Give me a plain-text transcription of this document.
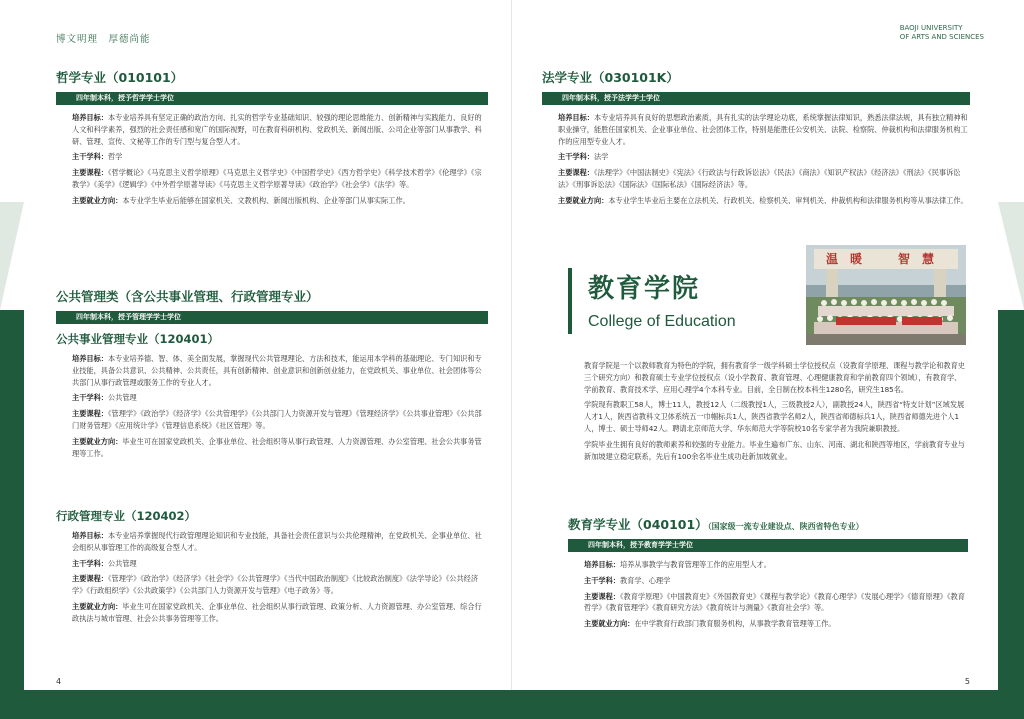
博文明理　厚德尚能
哲学专业（010101）
四年制本科，授予哲学学士学位
培养目标：本专业培养具有坚定正确的政治方向、扎实的哲学专业基础知识、较强的理论思维能力、创新精神与实践能力、良好的人文和科学素养，强烈的社会责任感和宽广的国际视野，可在教育科研机构、党政机关、新闻出版、公司企业等部门从事教学、科研、管理、宣传、文秘等工作的专门型与复合型人才。
主干学科：哲学
主要课程：《哲学概论》《马克思主义哲学原理》《马克思主义哲学史》《中国哲学史》《西方哲学史》《科学技术哲学》《伦理学》《宗教学》《美学》《逻辑学》《中外哲学原著导读》《马克思主义哲学原著导读》《政治学》《社会学》《法学》等。
主要就业方向：本专业学生毕业后能够在国家机关、文教机构、新闻出版机构、企业等部门从事实际工作。
公共管理类（含公共事业管理、行政管理专业）
四年制本科，授予管理学学士学位
公共事业管理专业（120401）
培养目标：本专业培养德、智、体、美全面发展，掌握现代公共管理理论、方法和技术，能运用本学科的基础理论、专门知识和专业技能，具备公共意识、公共精神、公共责任，具有创新精神、创业意识和创新创业能力，在党政机关、事业单位、社会团体等公共部门从事行政管理或服务工作的专业人才。
主干学科：公共管理
主要课程：《管理学》《政治学》《经济学》《公共管理学》《公共部门人力资源开发与管理》《管理经济学》《公共事业管理》《公共部门财务管理》《应用统计学》《管理信息系统》《社区管理》等。
主要就业方向：毕业生可在国家党政机关、企事业单位、社会组织等从事行政管理、人力资源管理、办公室管理、社会公共事务管理等工作。
行政管理专业（120402）
培养目标：本专业培养掌握现代行政管理理论知识和专业技能，具备社会责任意识与公共伦理精神，在党政机关、企事业单位、社会组织从事管理工作的高级复合型人才。
主干学科：公共管理
主要课程：《管理学》《政治学》《经济学》《社会学》《公共管理学》《当代中国政治制度》《比较政治制度》《法学导论》《公共经济学》《行政组织学》《公共政策学》《公共部门人力资源开发与管理》《电子政务》等。
主要就业方向：毕业生可在国家党政机关、企事业单位、社会组织从事行政管理、政策分析、人力资源管理、办公室管理、综合行政执法与城市管理、社会公共事务管理等工作。
4
BAOJI UNIVERSITY
OF ARTS AND SCIENCES
法学专业（030101K）
四年制本科，授予法学学士学位
培养目标：本专业培养具有良好的思想政治素质，具有扎实的法学理论功底，系统掌握法律知识，熟悉法律法规，具有独立精神和职业操守，能胜任国家机关、企业事业单位、社会团体工作，特别是能胜任公安机关、法院、检察院、仲裁机构和法律服务机构工作的应用型专业人才。
主干学科：法学
主要课程：《法理学》《中国法制史》《宪法》《行政法与行政诉讼法》《民法》《商法》《知识产权法》《经济法》《刑法》《民事诉讼法》《刑事诉讼法》《国际法》《国际私法》《国际经济法》等。
主要就业方向：本专业学生毕业后主要在立法机关、行政机关、检察机关、审判机关、仲裁机构和法律服务机构等从事法律工作。
教育学院
College of Education
温暖　智慧
教育学院是一个以教师教育为特色的学院，拥有教育学一级学科硕士学位授权点（设教育学原理、课程与教学论和教育史三个研究方向）和教育硕士专业学位授权点（设小学教育、教育管理、心理健康教育和学前教育四个领域），有教育学、学前教育、教育技术学、应用心理学4个本科专业。目前，全日制在校本科生1280名，研究生185名。
学院现有教职工58人，博士11人，教授12人（二级教授1人，三级教授2人），副教授24人，陕西省“特支计划”区域发展人才1人，陕西省教科文卫体系统五一巾帼标兵1人，陕西省教学名师2人，陕西省师德标兵1人，陕西省师德先进个人1人，博士、硕士导师42人。聘请北京师范大学、华东师范大学等院校10名专家学者为我院兼职教授。
学院毕业生拥有良好的教师素养和较强的专业能力。毕业生遍布广东、山东、河南、湖北和陕西等地区，学前教育专业与新加坡建立稳定联系，先后有100余名毕业生成功赴新加坡就业。
教育学专业（040101）（国家级一流专业建设点、陕西省特色专业）
四年制本科，授予教育学学士学位
培养目标：培养从事教学与教育管理等工作的应用型人才。
主干学科：教育学、心理学
主要课程：《教育学原理》《中国教育史》《外国教育史》《课程与教学论》《教育心理学》《发展心理学》《德育原理》《教育哲学》《教育管理学》《教育研究方法》《教育统计与测量》《教育社会学》等。
主要就业方向：在中学教育行政部门教育服务机构，从事教学教育管理等工作。
5
